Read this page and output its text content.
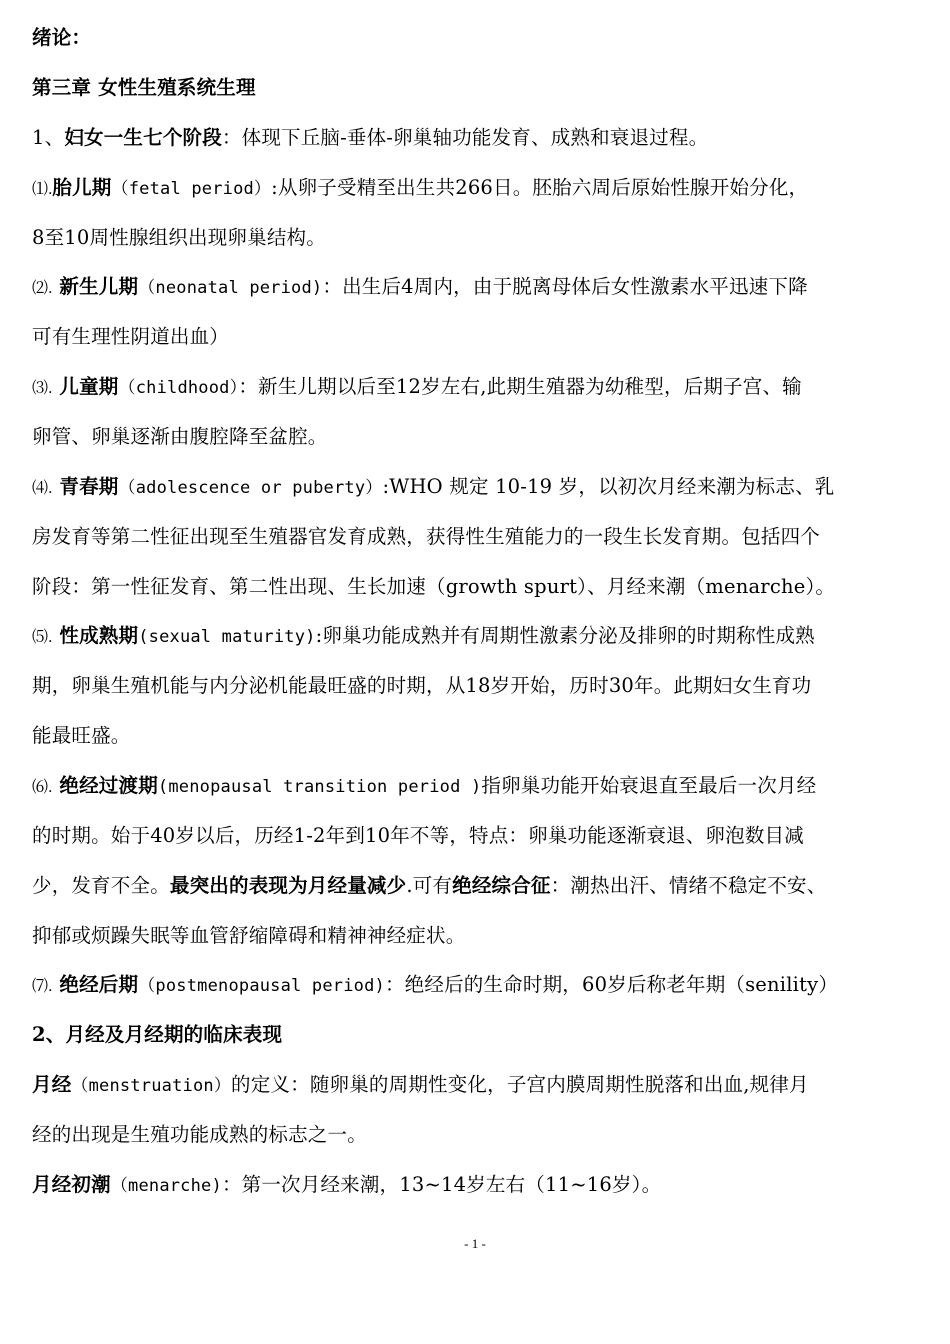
绪论：
第三章 女性生殖系统生理
1、妇女一生七个阶段：体现下丘脑-垂体-卵巢轴功能发育、成熟和衰退过程。
⑴.胎儿期（fetal period）:从卵子受精至出生共266日。胚胎六周后原始性腺开始分化，
8至10周性腺组织出现卵巢结构。
⑵. 新生儿期（neonatal period)：出生后4周内，由于脱离母体后女性激素水平迅速下降
可有生理性阴道出血）
⑶. 儿童期（childhood）：新生儿期以后至12岁左右,此期生殖器为幼稚型，后期子宫、输
卵管、卵巢逐渐由腹腔降至盆腔。
⑷. 青春期（adolescence or puberty）:WHO 规定 10-19 岁，以初次月经来潮为标志、乳
房发育等第二性征出现至生殖器官发育成熟，获得性生殖能力的一段生长发育期。包括四个
阶段：第一性征发育、第二性出现、生长加速（growth spurt）、月经来潮（menarche）。
⑸. 性成熟期(sexual maturity):卵巢功能成熟并有周期性激素分泌及排卵的时期称性成熟
期，卵巢生殖机能与内分泌机能最旺盛的时期，从18岁开始，历时30年。此期妇女生育功
能最旺盛。
⑹. 绝经过渡期(menopausal transition period )指卵巢功能开始衰退直至最后一次月经
的时期。始于40岁以后，历经1-2年到10年不等，特点：卵巢功能逐渐衰退、卵泡数目减
少，发育不全。最突出的表现为月经量减少.可有绝经综合征：潮热出汗、情绪不稳定不安、
抑郁或烦躁失眠等血管舒缩障碍和精神神经症状。
⑺. 绝经后期（postmenopausal period)：绝经后的生命时期，60岁后称老年期（senility）
2、月经及月经期的临床表现
月经（menstruation）的定义：随卵巢的周期性变化，子宫内膜周期性脱落和出血,规律月
经的出现是生殖功能成熟的标志之一。
月经初潮（menarche)：第一次月经来潮，13~14岁左右（11~16岁）。
- 1 -
